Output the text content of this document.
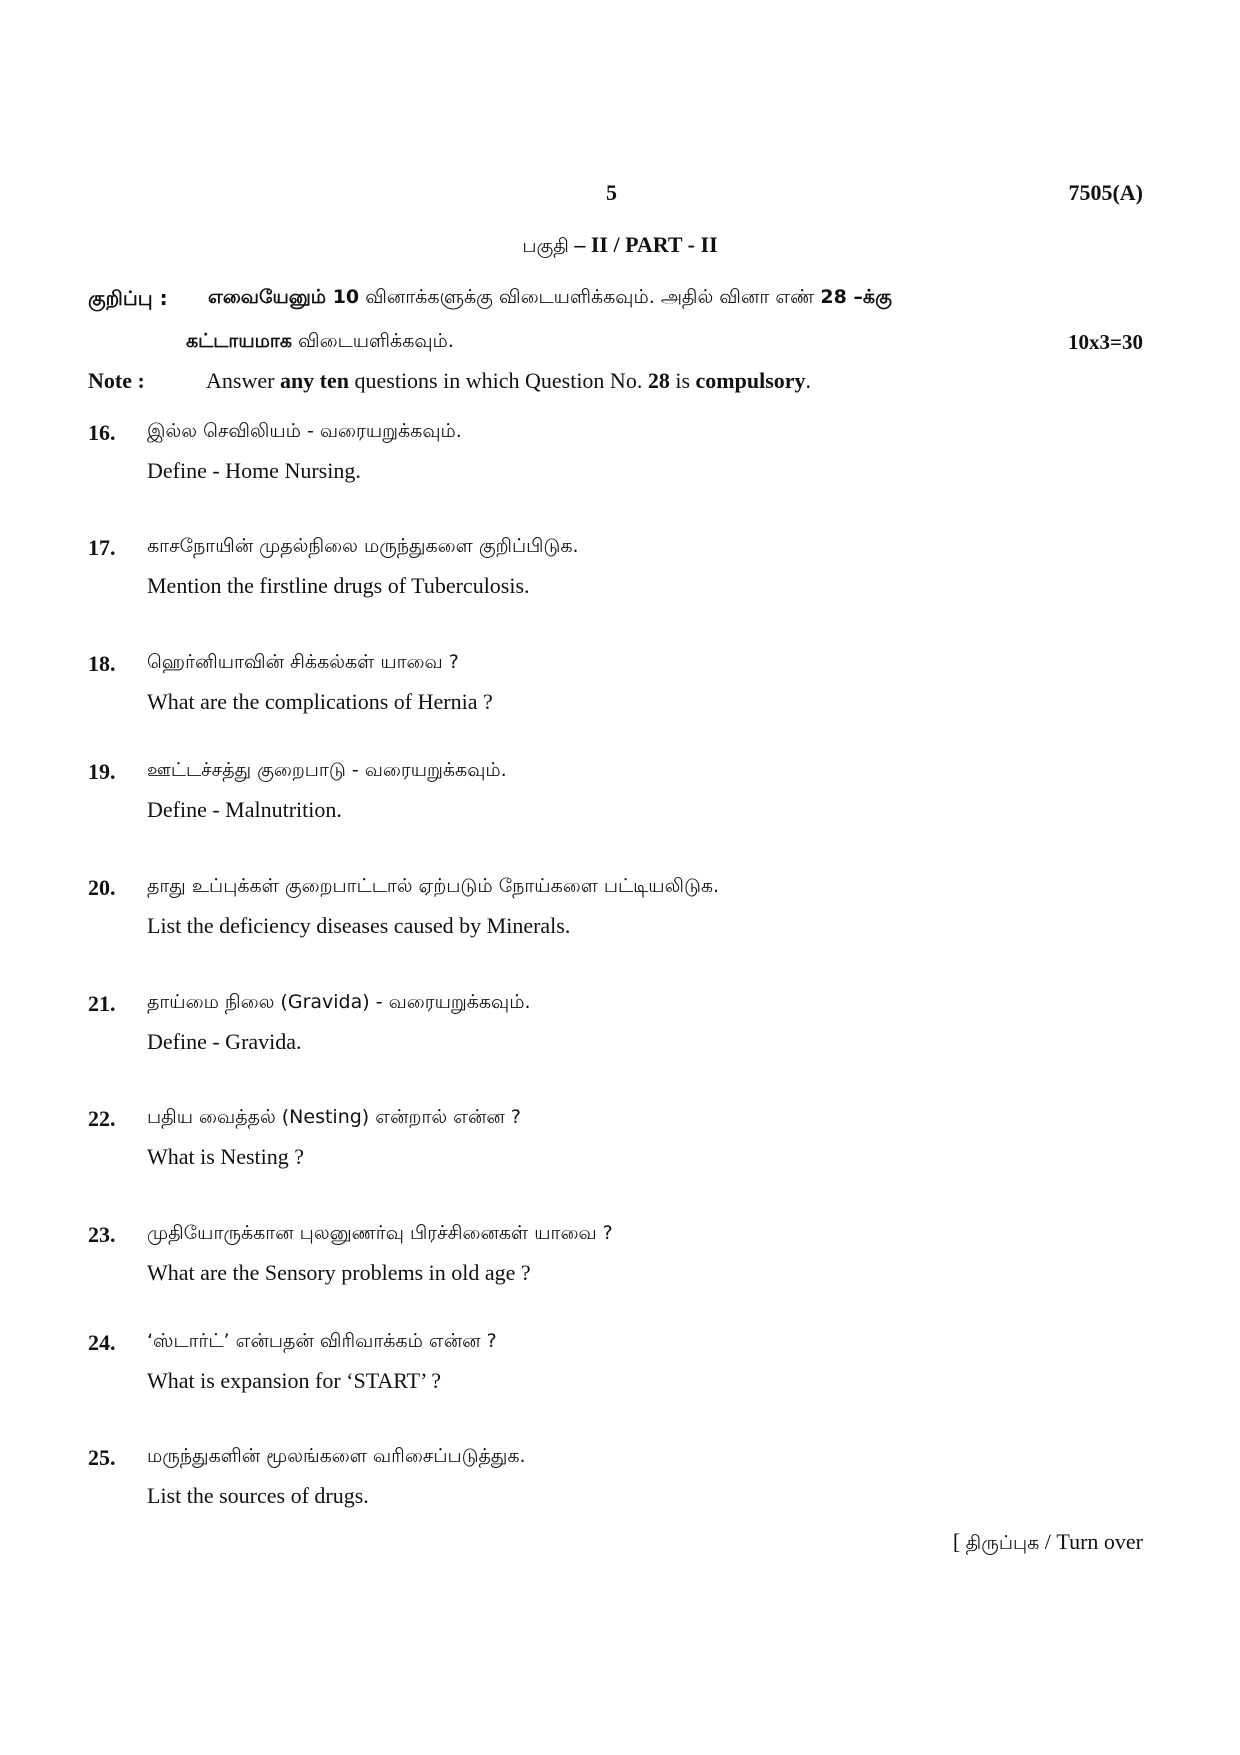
5	7505(A)
பகுதி – II / PART - II
குறிப்பு : எவையேனும் 10 வினாக்களுக்கு விடையளிக்கவும். அதில் வினா எண் 28 –க்கு
கட்டாயமாக விடையளிக்கவும்.	10x3=30
Note :	Answer any ten questions in which Question No. 28 is compulsory.
16. இல்ல செவிலியம் - வரையறுக்கவும்.
Define - Home Nursing.
17. காசநோயின் முதல்நிலை மருந்துகளை குறிப்பிடுக.
Mention the firstline drugs of Tuberculosis.
18. ஹெர்னியாவின் சிக்கல்கள் யாவை ?
What are the complications of Hernia ?
19. ஊட்டச்சத்து குறைபாடு - வரையறுக்கவும்.
Define - Malnutrition.
20. தாது உப்புக்கள் குறைபாட்டால் ஏற்படும் நோய்களை பட்டியலிடுக.
List the deficiency diseases caused by Minerals.
21. தாய்மை நிலை (Gravida) - வரையறுக்கவும்.
Define - Gravida.
22. பதிய வைத்தல் (Nesting) என்றால் என்ன ?
What is Nesting ?
23. முதியோருக்கான புலனுணர்வு பிரச்சினைகள் யாவை ?
What are the Sensory problems in old age ?
24. ‘ஸ்டார்ட்’ என்பதன் விரிவாக்கம் என்ன ?
What is expansion for ‘START’ ?
25. மருந்துகளின் மூலங்களை வரிசைப்படுத்துக.
List the sources of drugs.
[ திருப்புக / Turn over
